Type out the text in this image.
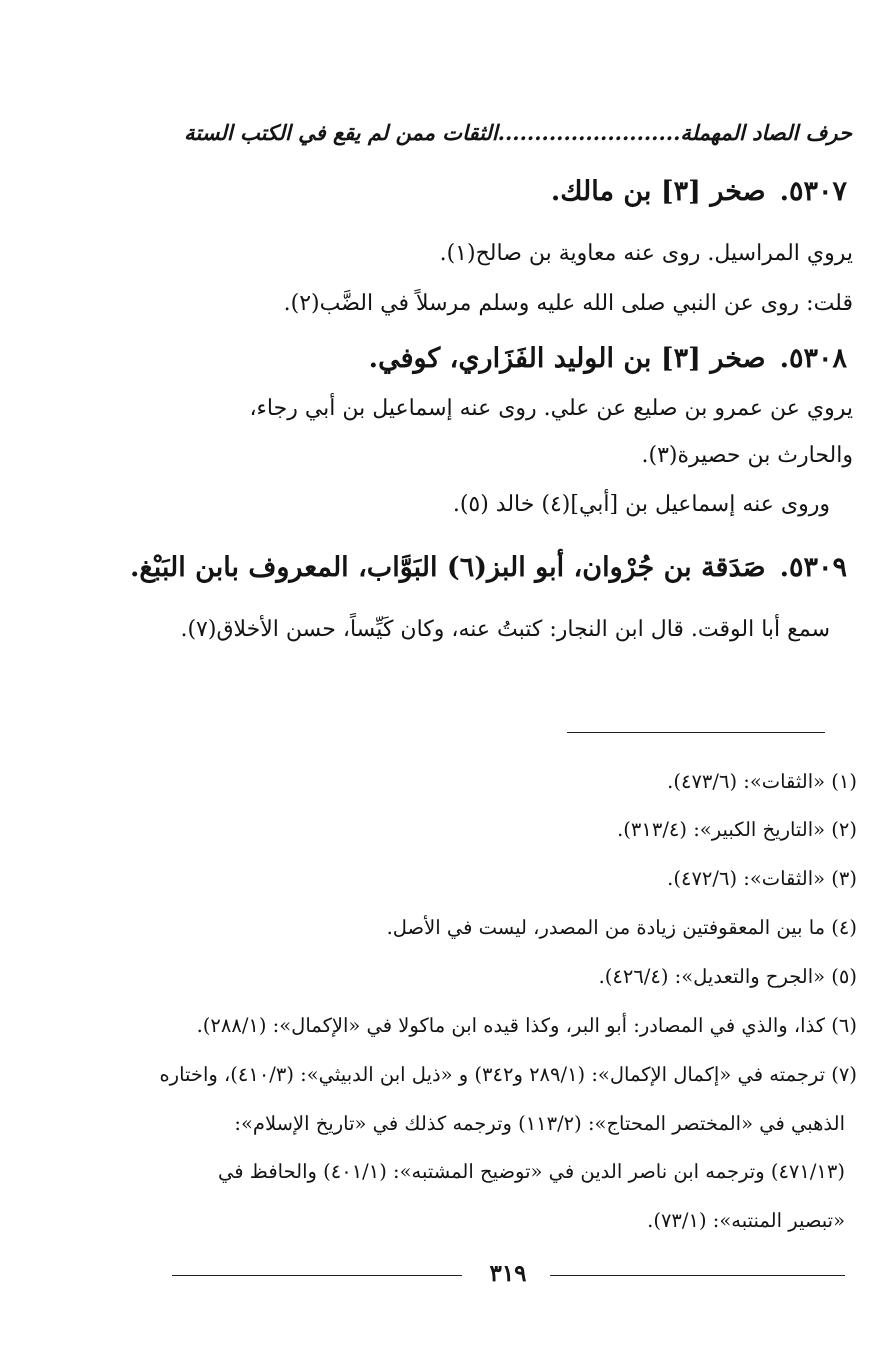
حرف الصاد المهملة.........................الثقات ممن لم يقع في الكتب الستة
٥٣٠٧.صخر [٣] بن مالك.
يروي المراسيل. روى عنه معاوية بن صالح(١).
قلت: روى عن النبي صلى الله عليه وسلم مرسلاً في الضَّب(٢).
٥٣٠٨.صخر [٣] بن الوليد الفَزَاري، كوفي.
يروي عن عمرو بن صليع عن علي. روى عنه إسماعيل بن أبي رجاء،
والحارث بن حصيرة(٣).
وروى عنه إسماعيل بن [أبي](٤) خالد (٥).
٥٣٠٩.صَدَقة بن جُرْوان، أبو البز(٦) البَوَّاب، المعروف بابن البَبْغ.
سمع أبا الوقت. قال ابن النجار: كتبتُ عنه، وكان كَيِّساً، حسن الأخلاق(٧).
(١) «الثقات»: (٤٧٣/٦).
(٢) «التاريخ الكبير»: (٣١٣/٤).
(٣) «الثقات»: (٤٧٢/٦).
(٤) ما بين المعقوفتين زيادة من المصدر، ليست في الأصل.
(٥) «الجرح والتعديل»: (٤٢٦/٤).
(٦) كذا، والذي في المصادر: أبو البر، وكذا قيده ابن ماكولا في «الإكمال»: (٢٨٨/١).
(٧) ترجمته في «إكمال الإكمال»: (٢٨٩/١ و٣٤٢) و «ذيل ابن الدبيثي»: (٤١٠/٣)، واختاره
الذهبي في «المختصر المحتاج»: (١١٣/٢) وترجمه كذلك في «تاريخ الإسلام»:
(٤٧١/١٣) وترجمه ابن ناصر الدين في «توضيح المشتبه»: (٤٠١/١) والحافظ في
«تبصير المنتبه»: (٧٣/١).
٣١٩
